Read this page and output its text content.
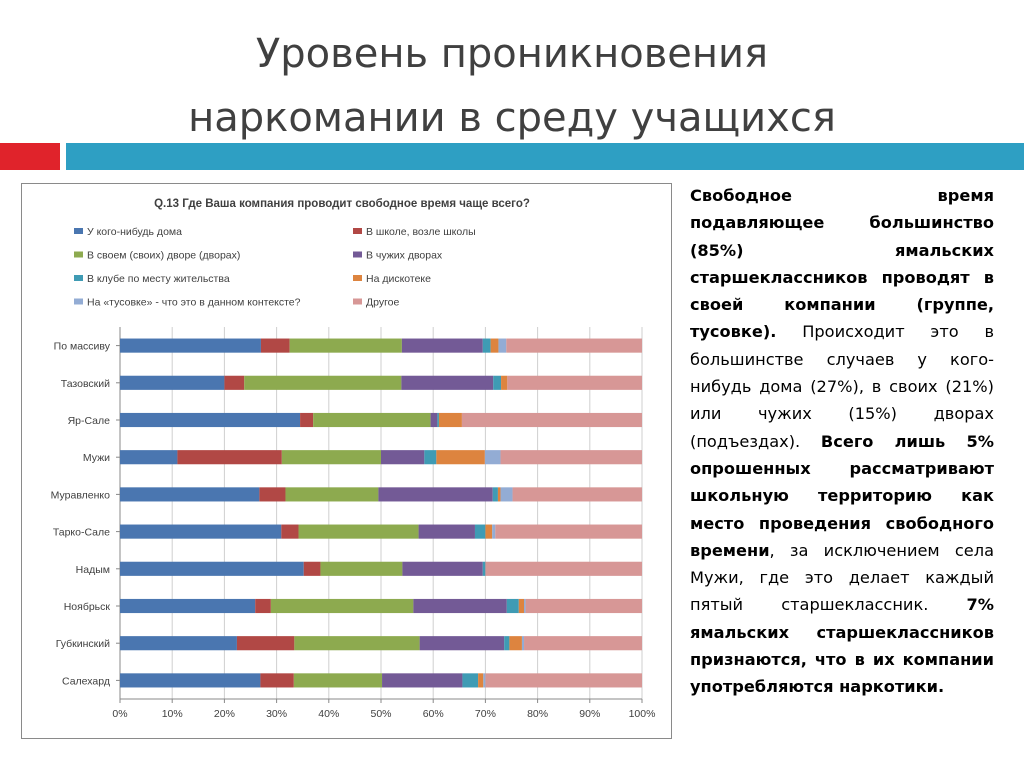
Уровень проникновения
наркомании в среду учащихся
Q.13 Где Ваша компания проводит свободное время чаще всего?
У кого-нибудь дома	В школе, возле школы
В своем (своих) дворе (дворах)	В чужих дворах
В клубе по месту жительства	На дискотеке
На «тусовке» - что это в данном контексте?	Другое
0%	10%	20%	30%	40%	50%	60%	70%	80%	90%	100%
По массиву
Тазовский
Яр-Сале
Мужи
Муравленко
Тарко-Сале
Надым
Ноябрьск
Губкинский
Салехард
Свободное время подавляющее большинство (85%) ямальских старшеклассников проводят в своей компании (группе, тусовке). Происходит это в большинстве случаев у кого-нибудь дома (27%), в своих (21%) или чужих (15%) дворах (подъездах). Всего лишь 5% опрошенных рассматривают школьную территорию как место проведения свободного времени, за исключением села Мужи, где это делает каждый пятый старшеклассник. 7% ямальских старшеклассников признаются, что в их компании употребляются наркотики.
